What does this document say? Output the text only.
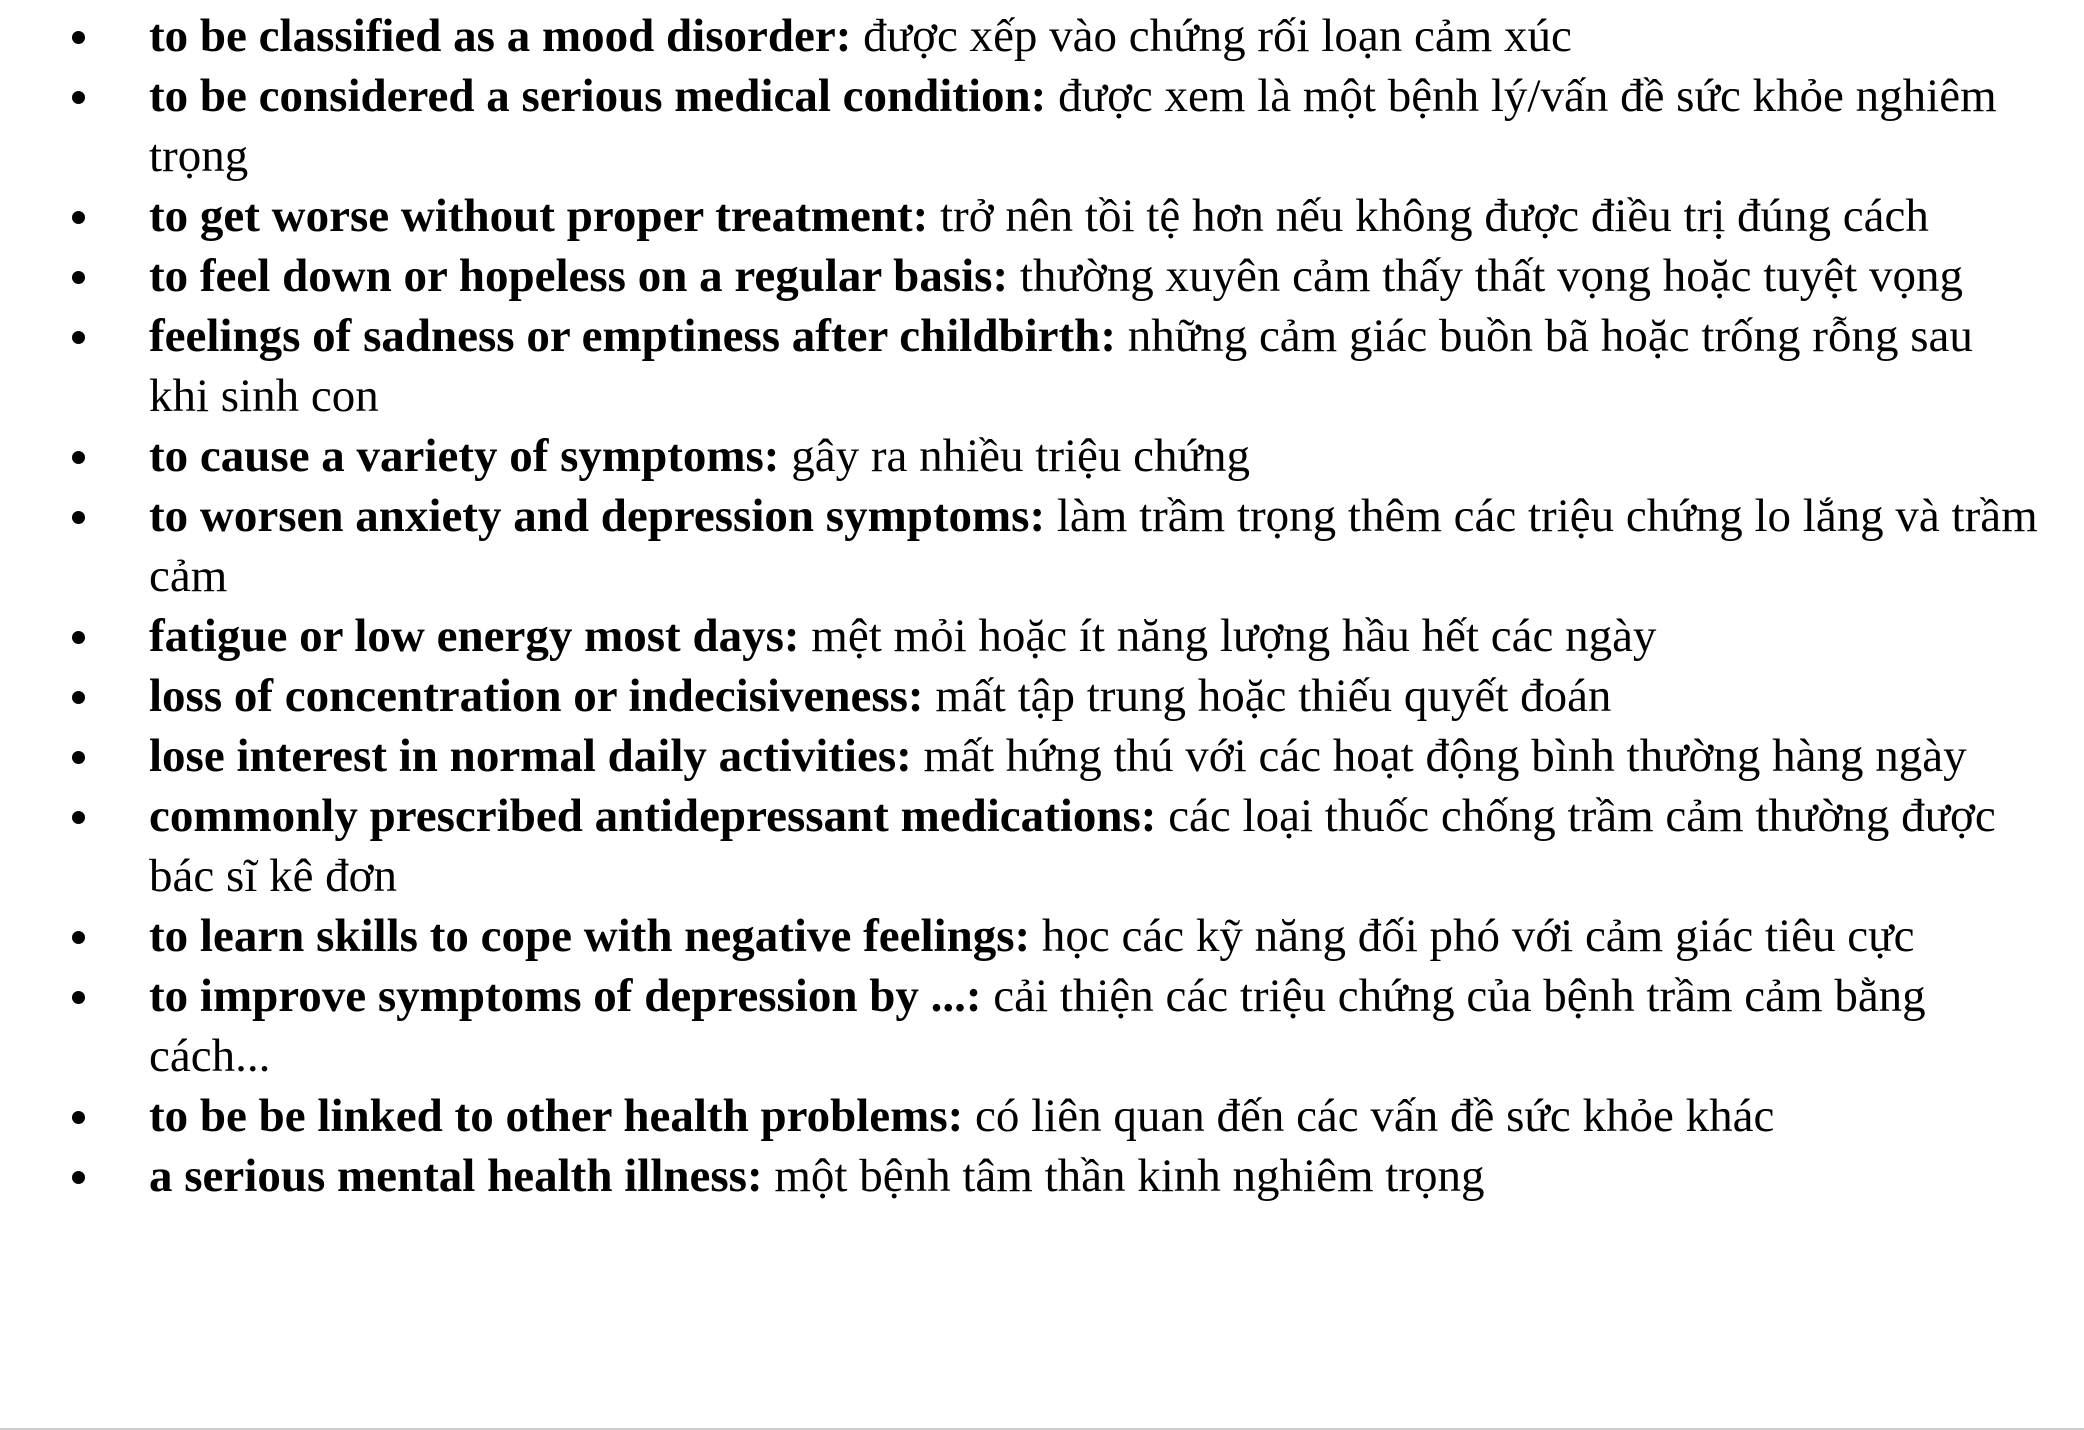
to be classified as a mood disorder: được xếp vào chứng rối loạn cảm xúc
to be considered a serious medical condition: được xem là một bệnh lý/vấn đề sức khỏe nghiêm trọng
to get worse without proper treatment: trở nên tồi tệ hơn nếu không được điều trị đúng cách
to feel down or hopeless on a regular basis: thường xuyên cảm thấy thất vọng hoặc tuyệt vọng
feelings of sadness or emptiness after childbirth: những cảm giác buồn bã hoặc trống rỗng sau khi sinh con
to cause a variety of symptoms: gây ra nhiều triệu chứng
to worsen anxiety and depression symptoms: làm trầm trọng thêm các triệu chứng lo lắng và trầm cảm
fatigue or low energy most days: mệt mỏi hoặc ít năng lượng hầu hết các ngày
loss of concentration or indecisiveness: mất tập trung hoặc thiếu quyết đoán
lose interest in normal daily activities: mất hứng thú với các hoạt động bình thường hàng ngày
commonly prescribed antidepressant medications: các loại thuốc chống trầm cảm thường được bác sĩ kê đơn
to learn skills to cope with negative feelings: học các kỹ năng đối phó với cảm giác tiêu cực
to improve symptoms of depression by ...: cải thiện các triệu chứng của bệnh trầm cảm bằng cách...
to be be linked to other health problems: có liên quan đến các vấn đề sức khỏe khác
a serious mental health illness: một bệnh tâm thần kinh nghiêm trọng
